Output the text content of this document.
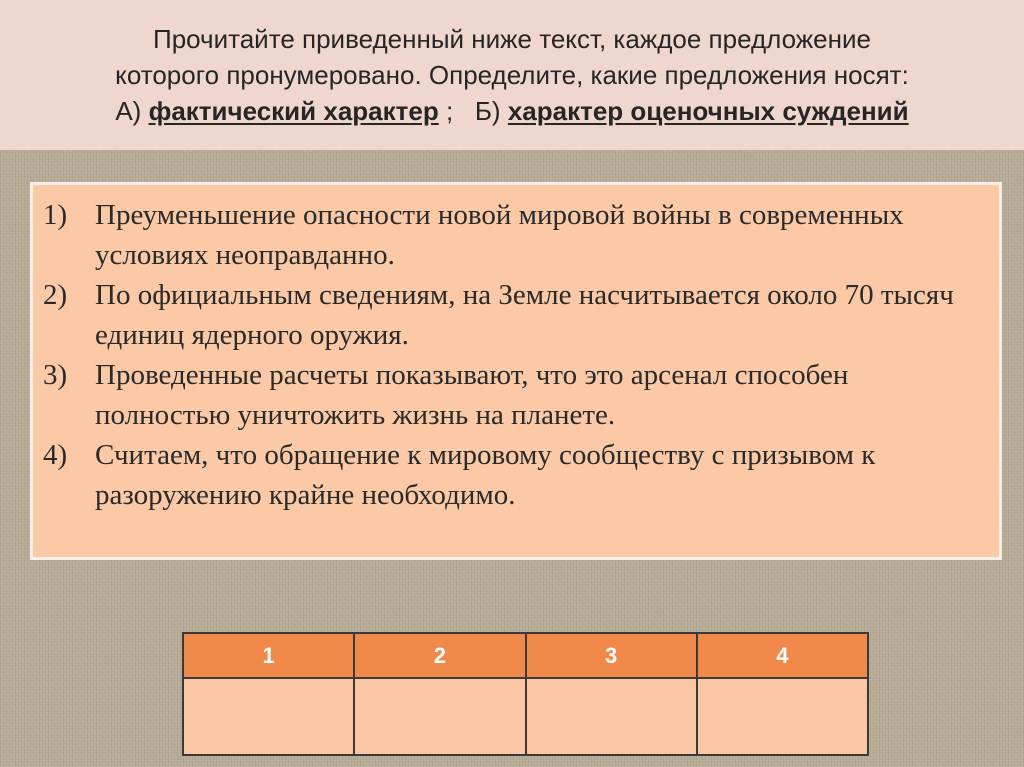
Прочитайте приведенный ниже текст, каждое предложение
которого пронумеровано. Определите, какие предложения носят:
А) фактический характер ;   Б) характер оценочных суждений
1) Преуменьшение опасности новой мировой войны в современных условиях неоправданно.
2) По официальным сведениям, на Земле насчитывается около 70 тысяч единиц ядерного оружия.
3) Проведенные расчеты показывают, что это арсенал способен полностью уничтожить жизнь на планете.
4) Считаем, что обращение к мировому сообществу с призывом к разоружению крайне необходимо.
1	2	3	4
